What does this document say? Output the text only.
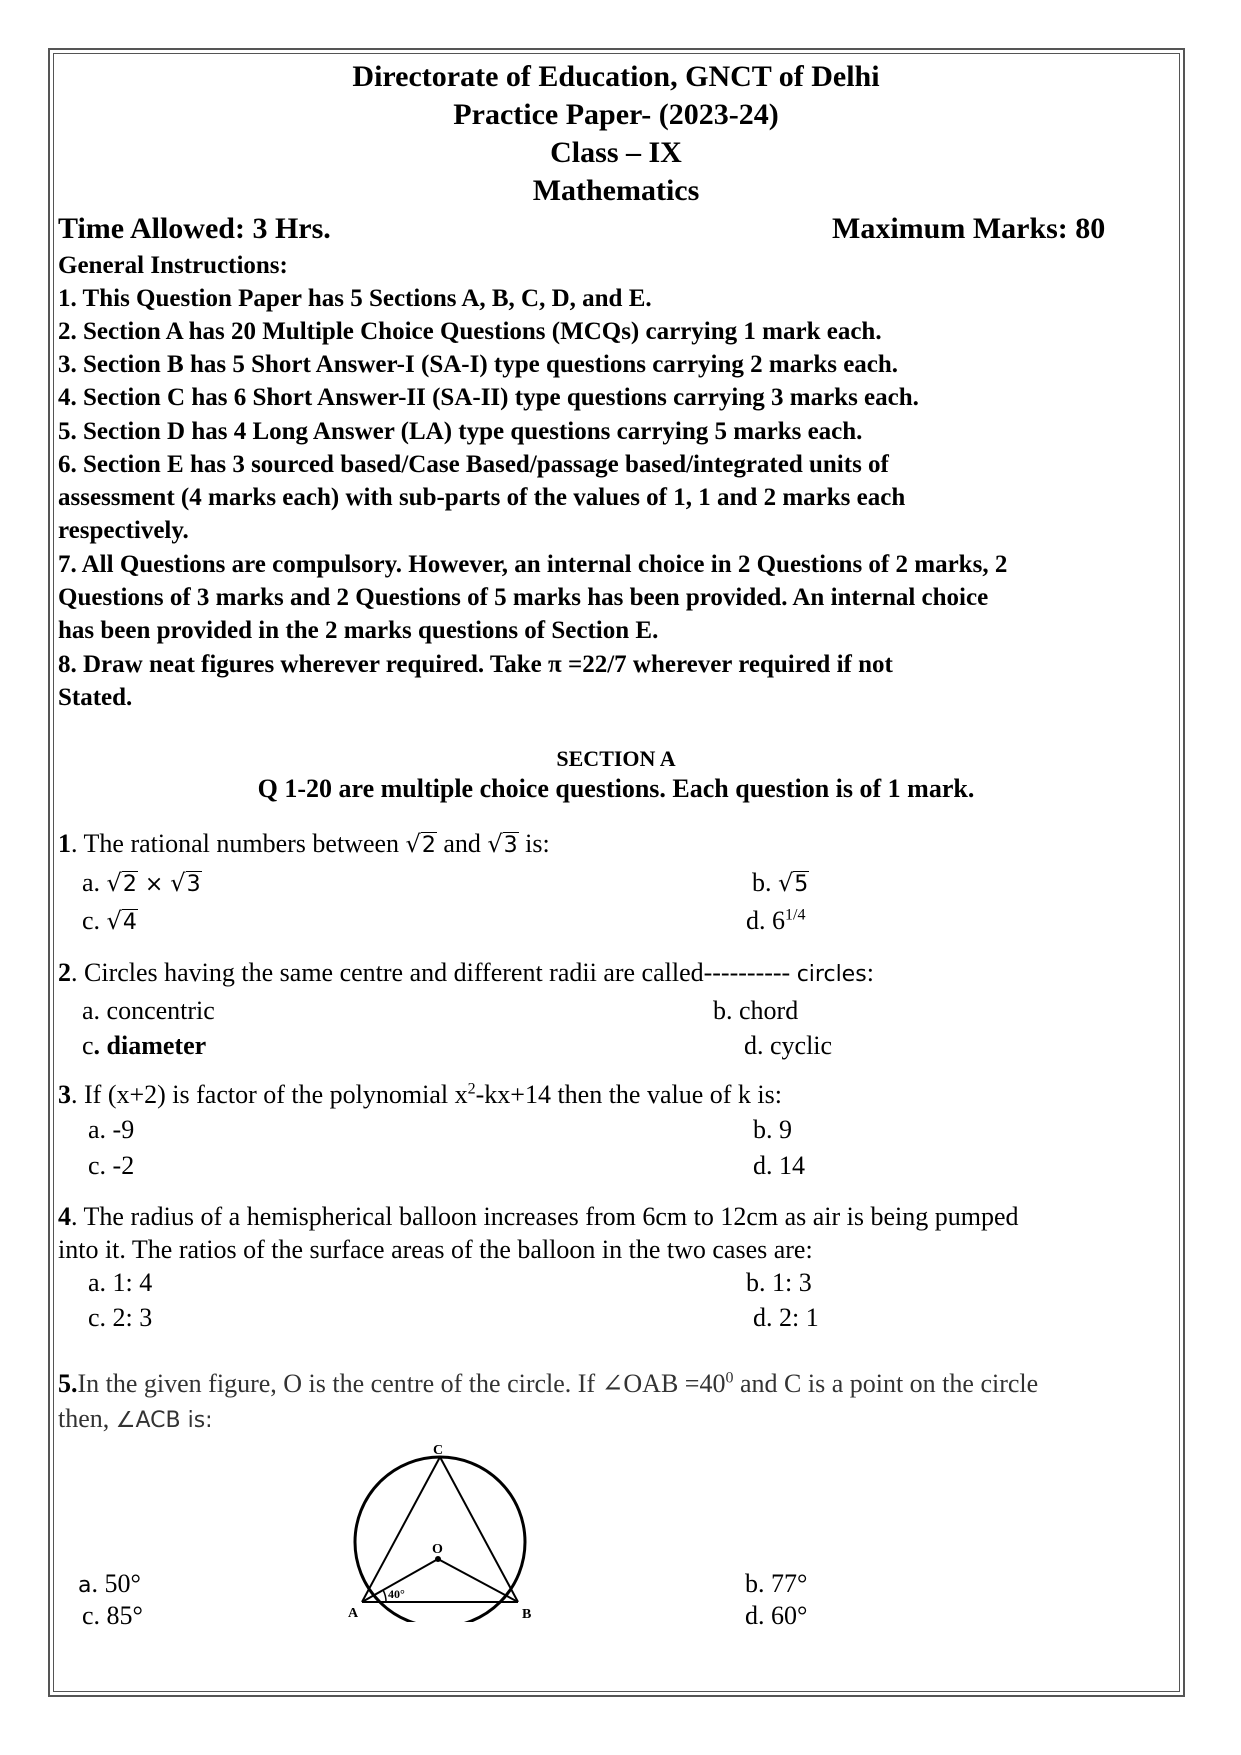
Directorate of Education, GNCT of Delhi
Practice Paper- (2023-24)
Class – IX
Mathematics
Time Allowed: 3 Hrs.	Maximum Marks: 80
General Instructions:
1. This Question Paper has 5 Sections A, B, C, D, and E.
2. Section A has 20 Multiple Choice Questions (MCQs) carrying 1 mark each.
3. Section B has 5 Short Answer-I (SA-I) type questions carrying 2 marks each.
4. Section C has 6 Short Answer-II (SA-II) type questions carrying 3 marks each.
5. Section D has 4 Long Answer (LA) type questions carrying 5 marks each.
6. Section E has 3 sourced based/Case Based/passage based/integrated units of
assessment (4 marks each) with sub-parts of the values of 1, 1 and 2 marks each
respectively.
7. All Questions are compulsory. However, an internal choice in 2 Questions of 2 marks, 2
Questions of 3 marks and 2 Questions of 5 marks has been provided. An internal choice
has been provided in the 2 marks questions of Section E.
8. Draw neat figures wherever required. Take π =22/7 wherever required if not
Stated.
SECTION A
Q 1-20 are multiple choice questions. Each question is of 1 mark.
1. The rational numbers between √2 and √3 is:
a. √2 × √3	b. √5
c. √4	d. $6^{1/4}$
2. Circles having the same centre and different radii are called---------- circles:
a. concentric	b. chord
c. diameter	d. cyclic
3. If (x+2) is factor of the polynomial $x^2-kx+14$ then the value of k is:
a. -9	b. 9
c. -2	d. 14
4. The radius of a hemispherical balloon increases from 6cm to 12cm as air is being pumped
into it. The ratios of the surface areas of the balloon in the two cases are:
a. 1: 4	b. 1: 3
c. 2: 3	d. 2: 1
5.In the given figure, O is the centre of the circle. If ∠OAB $=40^0$ and C is a point on the circle
then, ∠ACB is:
C
O
A	B
40°
a. 50°	b. 77°
c. 85°	d. 60°
